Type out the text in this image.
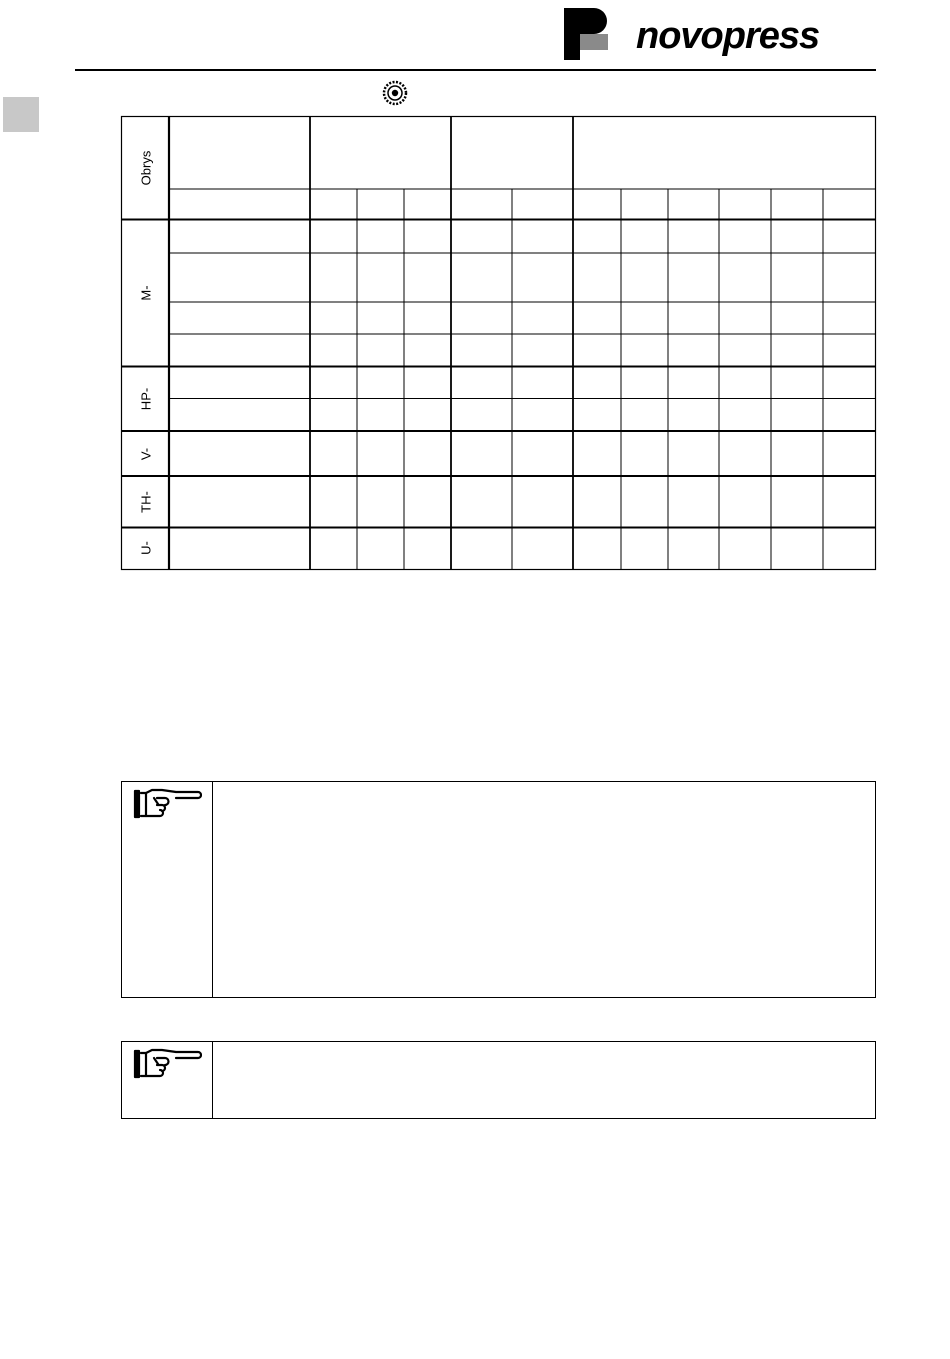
novopress
Obrys
M-
HP-
V-
TH-
U-
